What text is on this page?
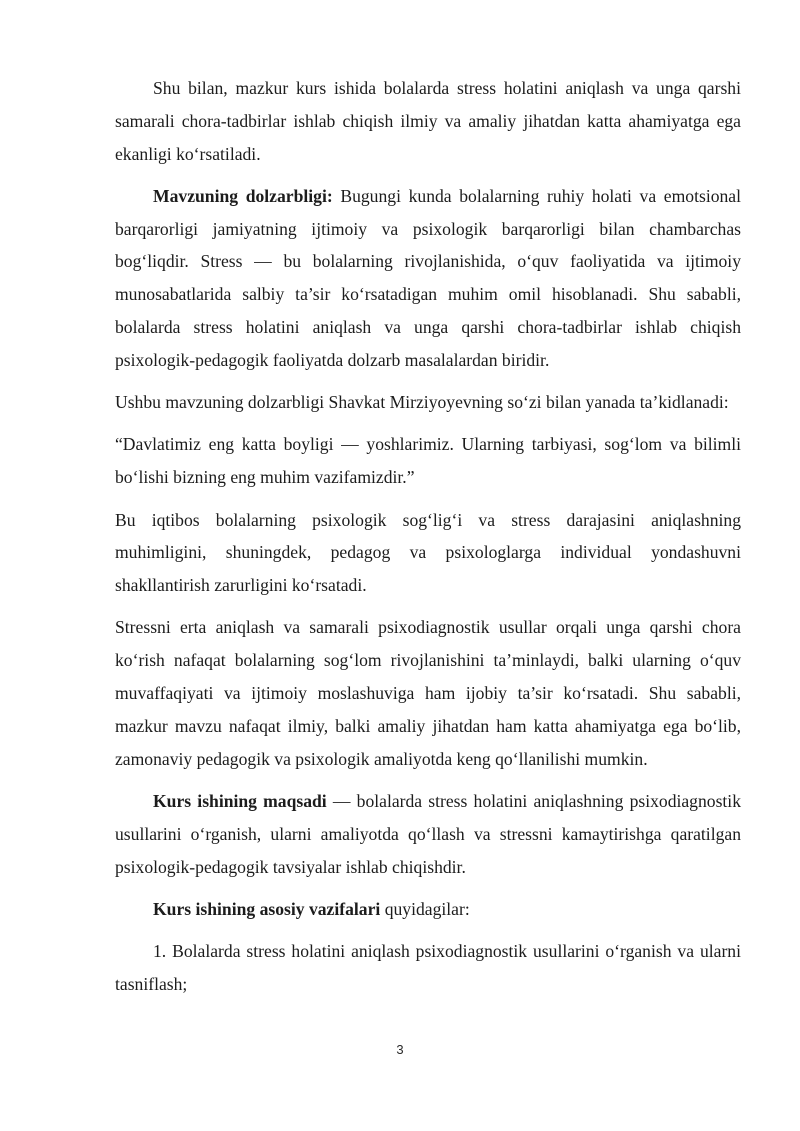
Shu bilan, mazkur kurs ishida bolalarda stress holatini aniqlash va unga qarshi samarali chora-tadbirlar ishlab chiqish ilmiy va amaliy jihatdan katta ahamiyatga ega ekanligi ko‘rsatiladi.

Mavzuning dolzarbligi: Bugungi kunda bolalarning ruhiy holati va emotsional barqarorligi jamiyatning ijtimoiy va psixologik barqarorligi bilan chambarchas bog‘liqdir. Stress — bu bolalarning rivojlanishida, o‘quv faoliyatida va ijtimoiy munosabatlarida salbiy ta’sir ko‘rsatadigan muhim omil hisoblanadi. Shu sababli, bolalarda stress holatini aniqlash va unga qarshi chora-tadbirlar ishlab chiqish psixologik-pedagogik faoliyatda dolzarb masalalardan biridir.

Ushbu mavzuning dolzarbligi Shavkat Mirziyoyevning so‘zi bilan yanada ta’kidlanadi:

“Davlatimiz eng katta boyligi — yoshlarimiz. Ularning tarbiyasi, sog‘lom va bilimli bo‘lishi bizning eng muhim vazifamizdir.”

Bu iqtibos bolalarning psixologik sog‘lig‘i va stress darajasini aniqlashning muhimligini, shuningdek, pedagog va psixologlarga individual yondashuvni shakllantirish zarurligini ko‘rsatadi.

Stressni erta aniqlash va samarali psixodiagnostik usullar orqali unga qarshi chora ko‘rish nafaqat bolalarning sog‘lom rivojlanishini ta’minlaydi, balki ularning o‘quv muvaffaqiyati va ijtimoiy moslashuviga ham ijobiy ta’sir ko‘rsatadi. Shu sababli, mazkur mavzu nafaqat ilmiy, balki amaliy jihatdan ham katta ahamiyatga ega bo‘lib, zamonaviy pedagogik va psixologik amaliyotda keng qo‘llanilishi mumkin.

Kurs ishining maqsadi — bolalarda stress holatini aniqlashning psixodiagnostik usullarini o‘rganish, ularni amaliyotda qo‘llash va stressni kamaytirishga qaratilgan psixologik-pedagogik tavsiyalar ishlab chiqishdir.

Kurs ishining asosiy vazifalari quyidagilar:

1. Bolalarda stress holatini aniqlash psixodiagnostik usullarini o‘rganish va ularni tasniflash;

3
